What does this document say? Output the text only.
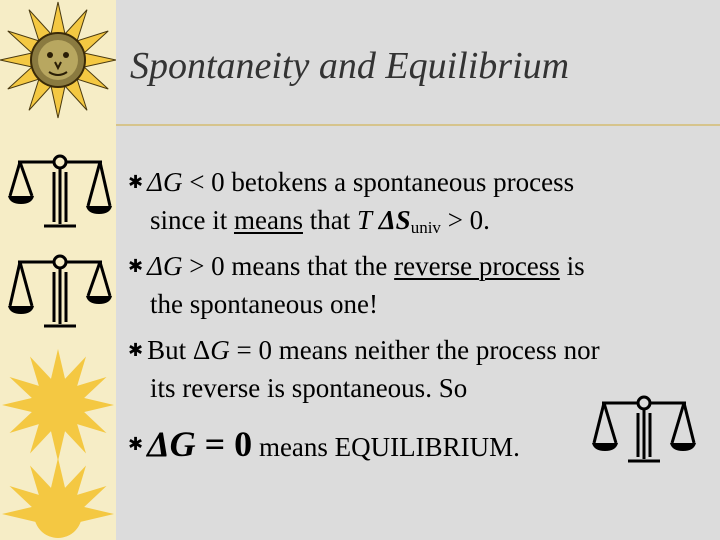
Spontaneity and Equilibrium
✱ ΔG < 0 betokens a spontaneous process
since it means that T $\Delta S_{univ} > 0$.
✱ ΔG > 0 means that the reverse process is
the spontaneous one!
✱ But ΔG = 0 means neither the process nor
its reverse is spontaneous. So
✱ ΔG = 0 means EQUILIBRIUM.
